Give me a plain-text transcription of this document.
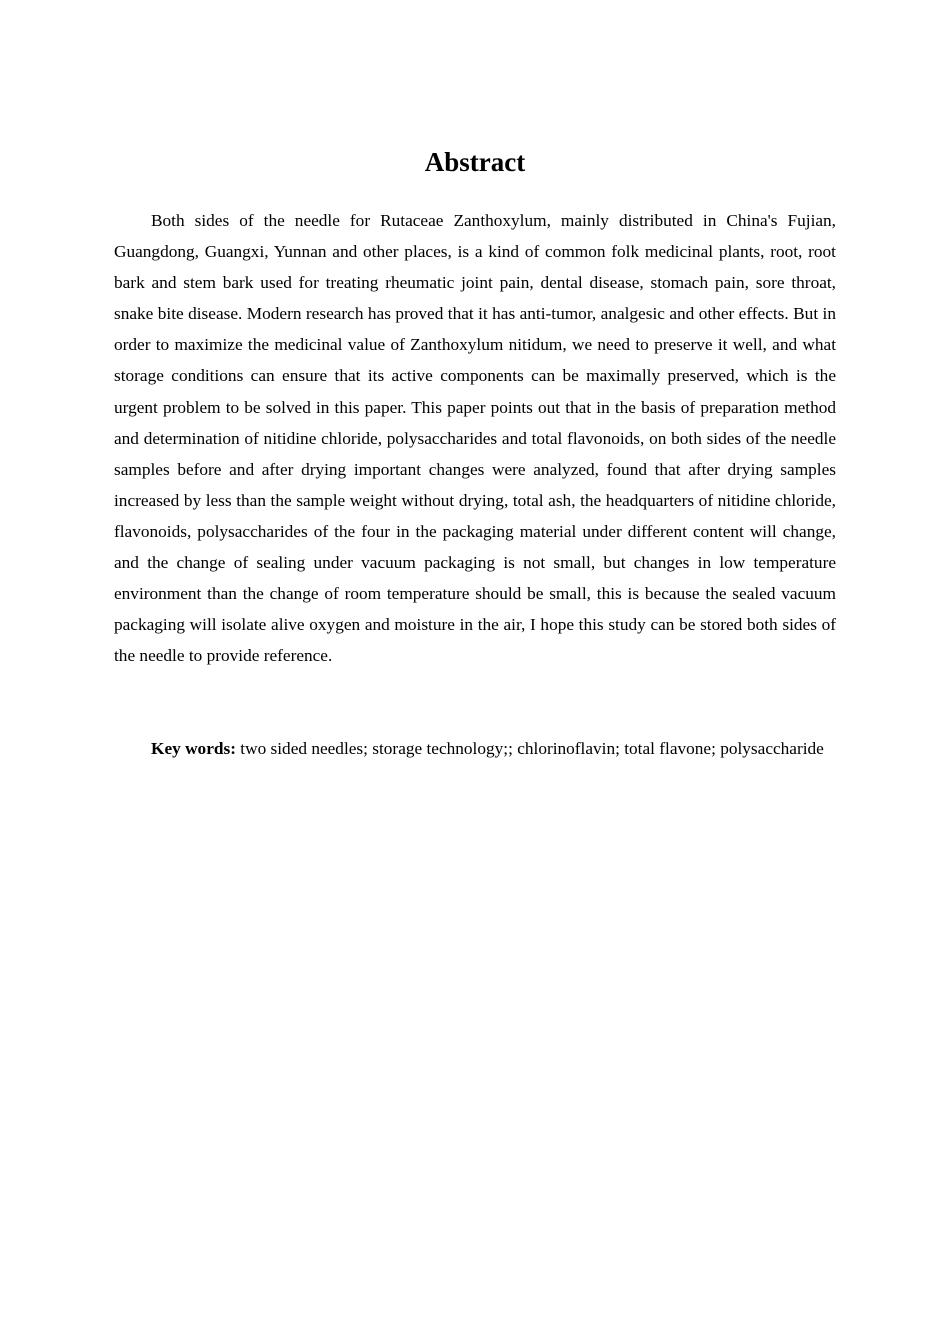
Abstract

Both sides of the needle for Rutaceae Zanthoxylum, mainly distributed in China's Fujian, Guangdong, Guangxi, Yunnan and other places, is a kind of common folk medicinal plants, root, root bark and stem bark used for treating rheumatic joint pain, dental disease, stomach pain, sore throat, snake bite disease. Modern research has proved that it has anti-tumor, analgesic and other effects. But in order to maximize the medicinal value of Zanthoxylum nitidum, we need to preserve it well, and what storage conditions can ensure that its active components can be maximally preserved, which is the urgent problem to be solved in this paper. This paper points out that in the basis of preparation method and determination of nitidine chloride, polysaccharides and total flavonoids, on both sides of the needle samples before and after drying important changes were analyzed, found that after drying samples increased by less than the sample weight without drying, total ash, the headquarters of nitidine chloride, flavonoids, polysaccharides of the four in the packaging material under different content will change, and the change of sealing under vacuum packaging is not small, but changes in low temperature environment than the change of room temperature should be small, this is because the sealed vacuum packaging will isolate alive oxygen and moisture in the air, I hope this study can be stored both sides of the needle to provide reference.

Key words: two sided needles; storage technology;; chlorinoflavin; total flavone; polysaccharide
